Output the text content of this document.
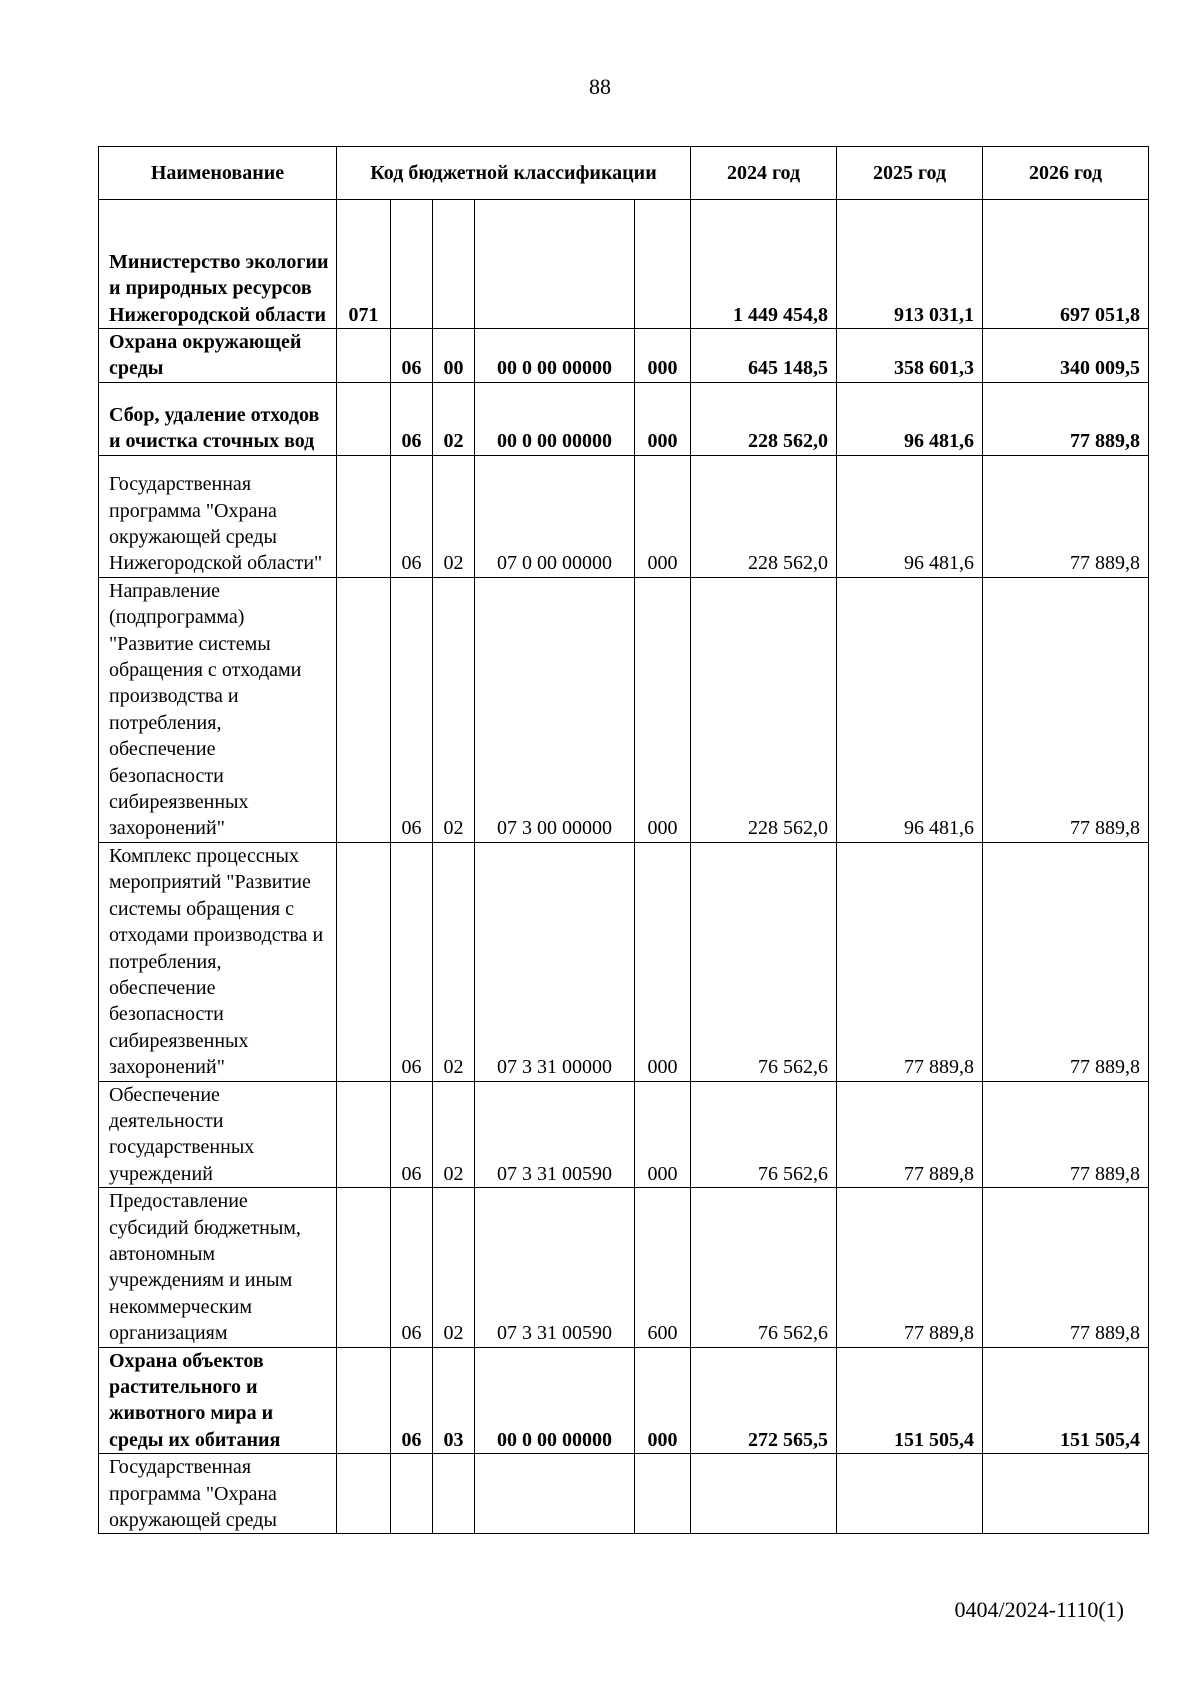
88
Наименование	Код бюджетной классификации					2024 год	2025 год	2026 год
Министерство экологии и природных ресурсов Нижегородской области	071					1 449 454,8	913 031,1	697 051,8
Охрана окружающей среды		06	00	00 0 00 00000	000	645 148,5	358 601,3	340 009,5
Сбор, удаление отходов и очистка сточных вод		06	02	00 0 00 00000	000	228 562,0	96 481,6	77 889,8
Государственная программа "Охрана окружающей среды Нижегородской области"		06	02	07 0 00 00000	000	228 562,0	96 481,6	77 889,8
Направление (подпрограмма) "Развитие системы обращения с отходами производства и потребления, обеспечение безопасности сибиреязвенных захоронений"		06	02	07 3 00 00000	000	228 562,0	96 481,6	77 889,8
Комплекс процессных мероприятий "Развитие системы обращения с отходами производства и потребления, обеспечение безопасности сибиреязвенных захоронений"		06	02	07 3 31 00000	000	76 562,6	77 889,8	77 889,8
Обеспечение деятельности государственных учреждений		06	02	07 3 31 00590	000	76 562,6	77 889,8	77 889,8
Предоставление субсидий бюджетным, автономным учреждениям и иным некоммерческим организациям		06	02	07 3 31 00590	600	76 562,6	77 889,8	77 889,8
Охрана объектов растительного и животного мира и среды их обитания		06	03	00 0 00 00000	000	272 565,5	151 505,4	151 505,4
Государственная программа "Охрана окружающей среды								
0404/2024-1110(1)
